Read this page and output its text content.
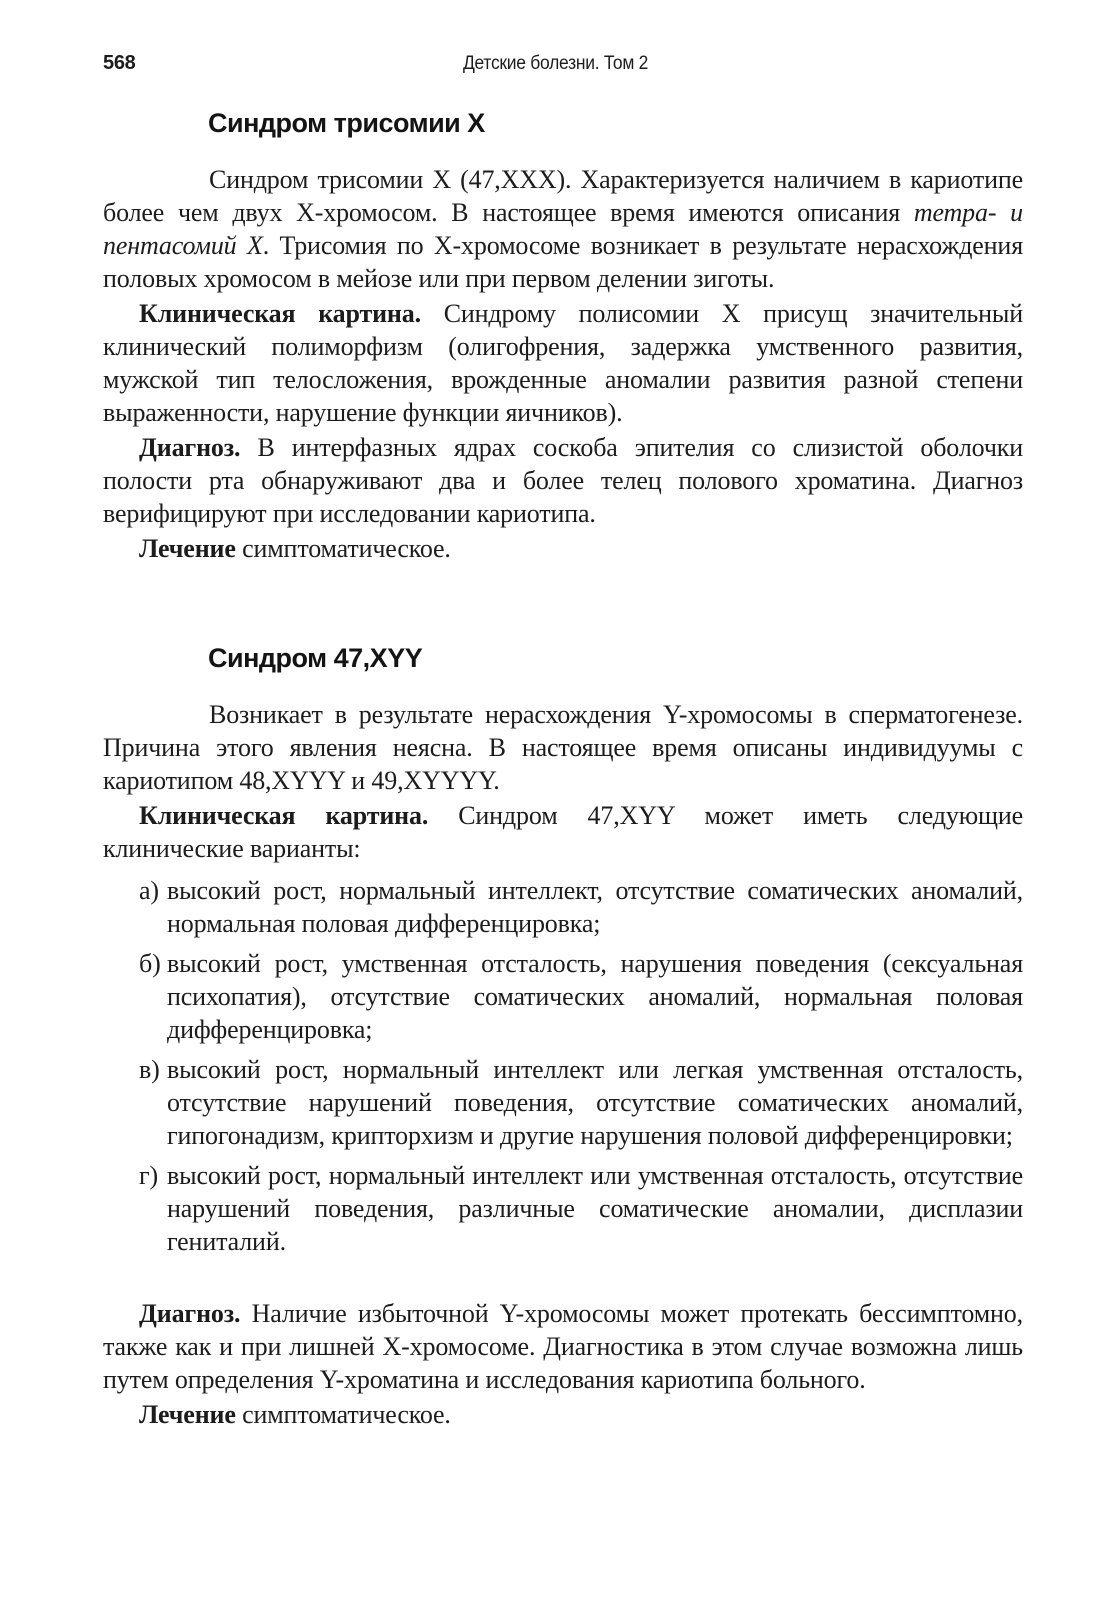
568	Детские болезни. Том 2
Синдром трисомии X

Синдром трисомии X (47,XXX). Характеризуется наличием в кариотипе более чем двух X-хромосом. В настоящее время имеются описания тетра- и пентасомий X. Трисомия по X-хромосоме возникает в результате нерасхождения половых хромосом в мейозе или при первом делении зиготы.

Клиническая картина. Синдрому полисомии X присущ значительный клинический полиморфизм (олигофрения, задержка умственного развития, мужской тип телосложения, врожденные аномалии развития разной степени выраженности, нарушение функции яичников).

Диагноз. В интерфазных ядрах соскоба эпителия со слизистой оболочки полости рта обнаруживают два и более телец полового хроматина. Диагноз верифицируют при исследовании кариотипа.

Лечение симптоматическое.

Синдром 47,XYY

Возникает в результате нерасхождения Y-хромосомы в сперматогенезе. Причина этого явления неясна. В настоящее время описаны индивидуумы с кариотипом 48,XYYY и 49,XYYYY.

Клиническая картина. Синдром 47,XYY может иметь следующие клинические варианты:

а) высокий рост, нормальный интеллект, отсутствие соматических аномалий, нормальная половая дифференцировка;
б) высокий рост, умственная отсталость, нарушения поведения (сексуальная психопатия), отсутствие соматических аномалий, нормальная половая дифференцировка;
в) высокий рост, нормальный интеллект или легкая умственная отсталость, отсутствие нарушений поведения, отсутствие соматических аномалий, гипогонадизм, крипторхизм и другие нарушения половой дифференцировки;
г) высокий рост, нормальный интеллект или умственная отсталость, отсутствие нарушений поведения, различные соматические аномалии, дисплазии гениталий.

Диагноз. Наличие избыточной Y-хромосомы может протекать бессимптомно, также как и при лишней X-хромосоме. Диагностика в этом случае возможна лишь путем определения Y-хроматина и исследования кариотипа больного.

Лечение симптоматическое.
